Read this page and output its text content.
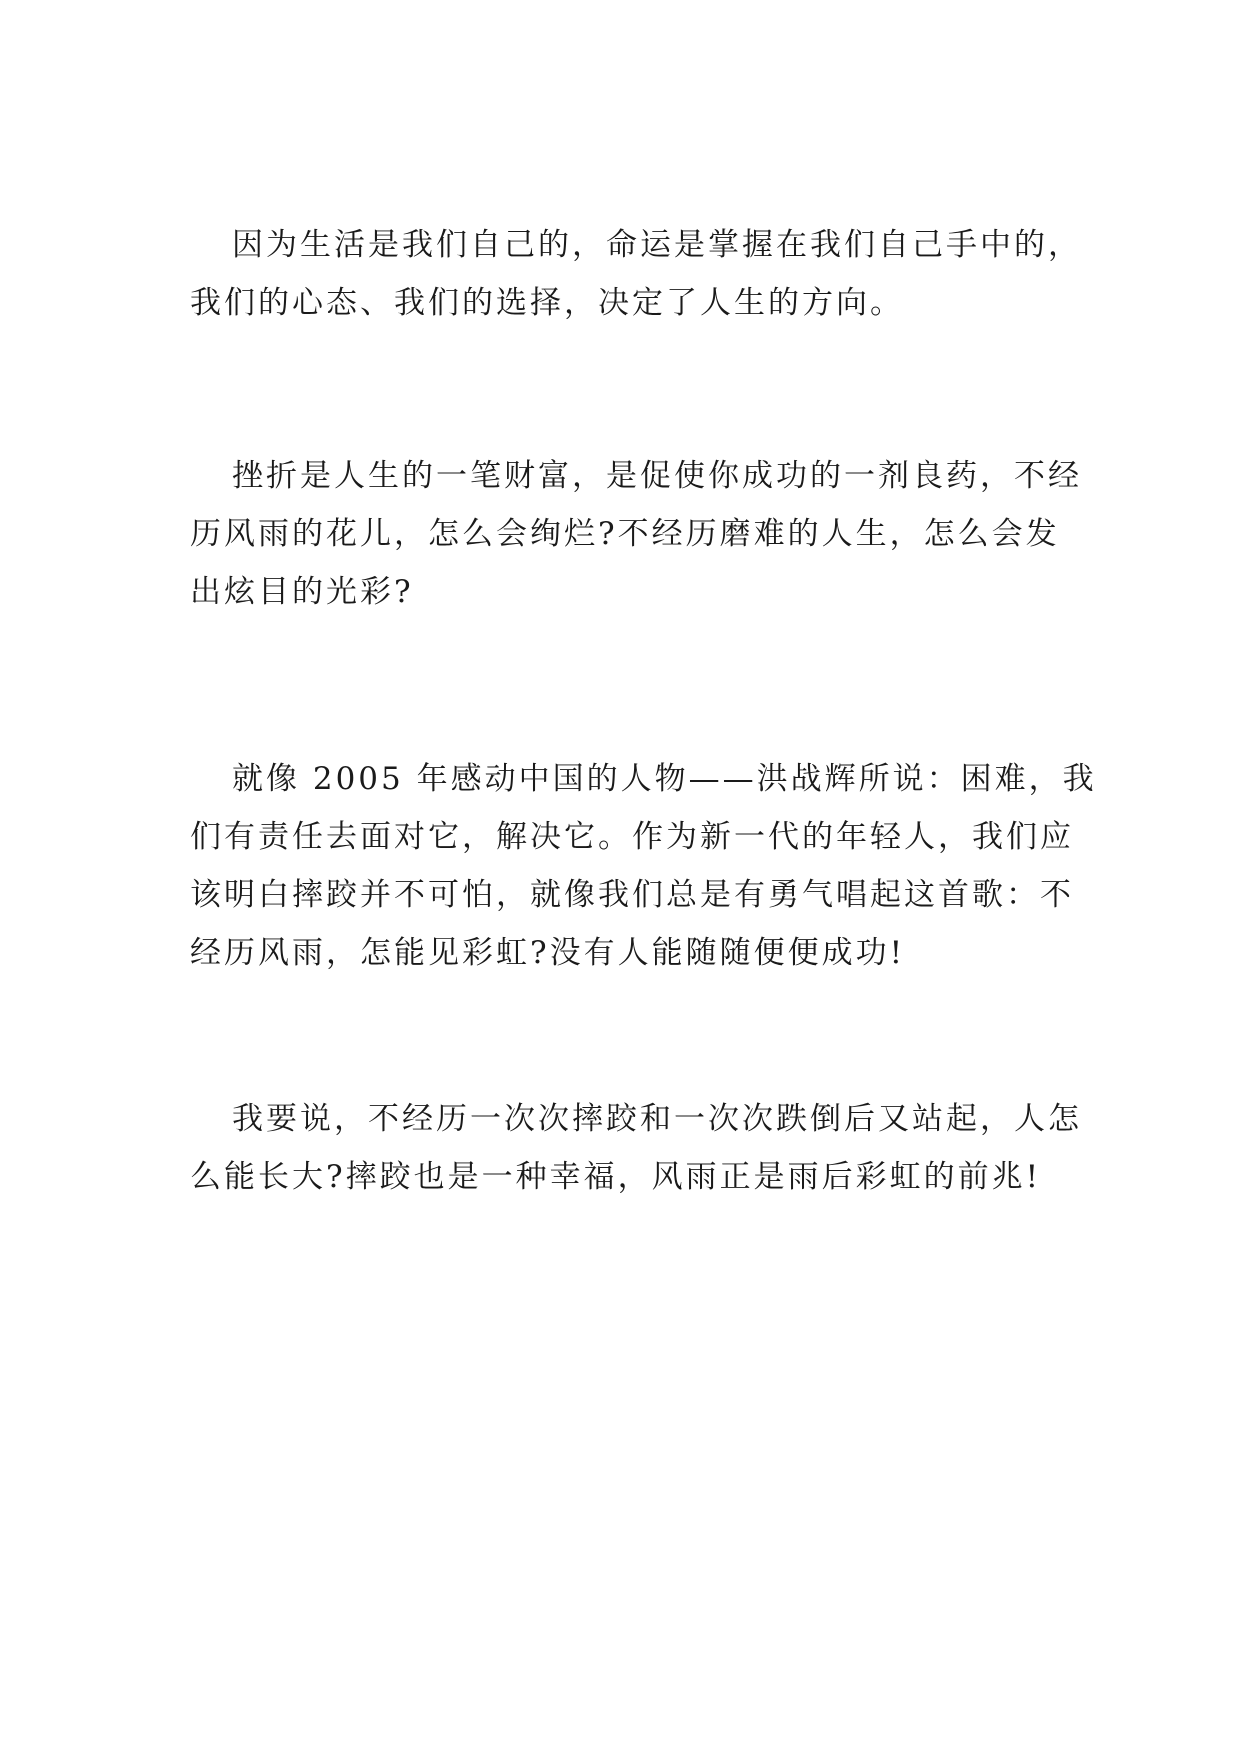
因为生活是我们自己的，命运是掌握在我们自己手中的，
我们的心态、我们的选择，决定了人生的方向。
挫折是人生的一笔财富，是促使你成功的一剂良药，不经
历风雨的花儿，怎么会绚烂?不经历磨难的人生，怎么会发
出炫目的光彩?
就像 2005 年感动中国的人物——洪战辉所说：困难，我
们有责任去面对它，解决它。作为新一代的年轻人，我们应
该明白摔跤并不可怕，就像我们总是有勇气唱起这首歌：不
经历风雨，怎能见彩虹?没有人能随随便便成功!
我要说，不经历一次次摔跤和一次次跌倒后又站起，人怎
么能长大?摔跤也是一种幸福，风雨正是雨后彩虹的前兆!
